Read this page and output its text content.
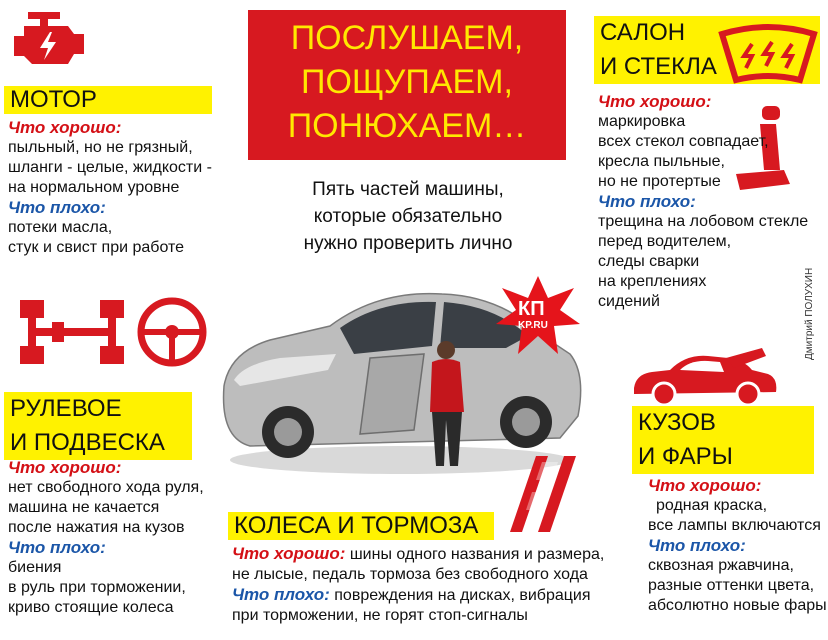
ПОСЛУШАЕМ,
ПОЩУПАЕМ,
ПОНЮХАЕМ…
Пять частей машины,
которые обязательно
нужно проверить лично
МОТОР
Что хорошо:
пыльный, но не грязный,
шланги - целые, жидкости -
на нормальном уровне
Что плохо:
потеки масла,
стук и свист при работе
РУЛЕВОЕ
И ПОДВЕСКА
Что хорошо:
нет свободного хода руля,
машина не качается
после нажатия на кузов
Что плохо:
биения
в руль при торможении,
криво стоящие колеса
САЛОН
И СТЕКЛА
Что хорошо:
маркировка
всех стекол совпадает,
кресла пыльные,
но не протертые
Что плохо:
трещина на лобовом стекле
перед водителем,
следы сварки
на креплениях
сидений	Дмитрий ПОЛУХИН
КУЗОВ
И ФАРЫ
Что хорошо:
родная краска,
все лампы включаются
Что плохо:
сквозная ржавчина,
разные оттенки цвета,
абсолютно новые фары
КП
KP.RU
КОЛЕСА И ТОРМОЗА
Что хорошо: шины одного названия и размера,
не лысые, педаль тормоза без свободного хода
Что плохо: повреждения на дисках, вибрация
при торможении, не горят стоп-сигналы
